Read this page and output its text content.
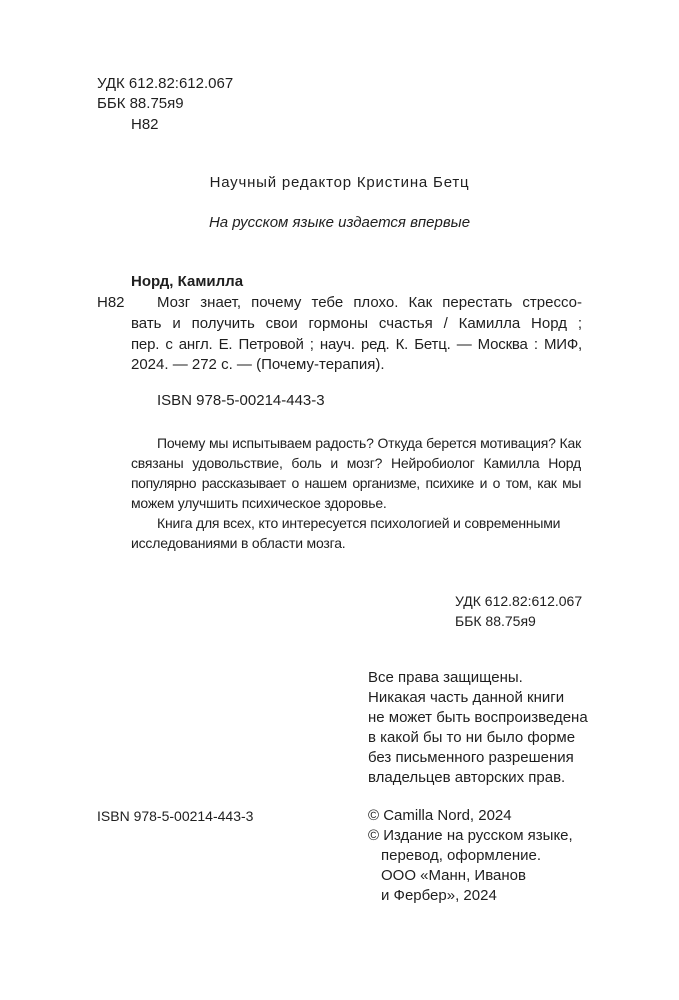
УДК 612.82:612.067
ББК 88.75я9
Н82
Научный редактор Кристина Бетц
На русском языке издается впервые
Норд, Камилла
Н82 Мозг знает, почему тебе плохо. Как перестать стрессо-
вать и получить свои гормоны счастья / Камилла Норд ;
пер. с англ. Е. Петровой ; науч. ред. К. Бетц. — Москва : МИФ,
2024. — 272 с. — (Почему-терапия).
ISBN 978-5-00214-443-3
Почему мы испытываем радость? Откуда берется мотивация? Как
связаны удовольствие, боль и мозг? Нейробиолог Камилла Норд
популярно рассказывает о нашем организме, психике и о том, как мы
можем улучшить психическое здоровье.
Книга для всех, кто интересуется психологией и современными
исследованиями в области мозга.
УДК 612.82:612.067
ББК 88.75я9
Все права защищены.
Никакая часть данной книги
не может быть воспроизведена
в какой бы то ни было форме
без письменного разрешения
владельцев авторских прав.
ISBN 978-5-00214-443-3	© Camilla Nord, 2024
© Издание на русском языке,
перевод, оформление.
ООО «Манн, Иванов
и Фербер», 2024
